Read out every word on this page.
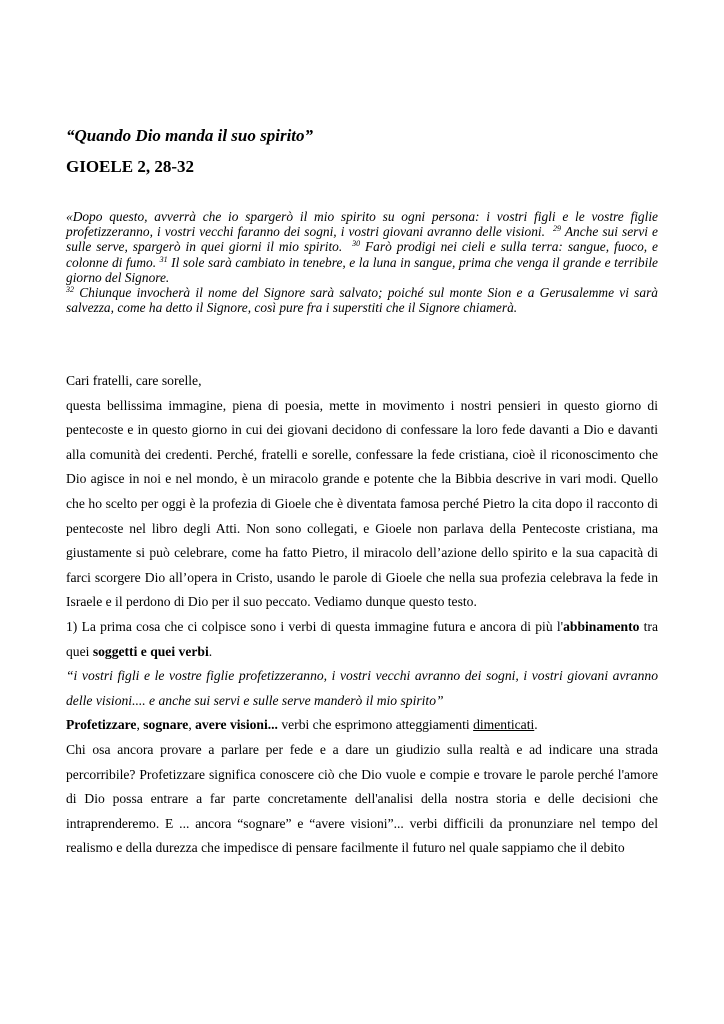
“Quando Dio manda il suo spirito”
GIOELE 2, 28-32

«Dopo questo, avverrà che io spargerò il mio spirito su ogni persona: i vostri figli e le vostre figlie profetizzeranno, i vostri vecchi faranno dei sogni, i vostri giovani avranno delle visioni. $^{29}$ Anche sui servi e sulle serve, spargerò in quei giorni il mio spirito. $^{30}$ Farò prodigi nei cieli e sulla terra: sangue, fuoco, e colonne di fumo. $^{31}$ Il sole sarà cambiato in tenebre, e la luna in sangue, prima che venga il grande e terribile giorno del Signore.

$^{32}$ Chiunque invocherà il nome del Signore sarà salvato; poiché sul monte Sion e a Gerusalemme vi sarà salvezza, come ha detto il Signore, così pure fra i superstiti che il Signore chiamerà.

Cari fratelli, care sorelle,

questa bellissima immagine, piena di poesia, mette in movimento i nostri pensieri in questo giorno di pentecoste e in questo giorno in cui dei giovani decidono di confessare la loro fede davanti a Dio e davanti alla comunità dei credenti. Perché, fratelli e sorelle, confessare la fede cristiana, cioè il riconoscimento che Dio agisce in noi e nel mondo, è un miracolo grande e potente che la Bibbia descrive in vari modi. Quello che ho scelto per oggi è la profezia di Gioele che è diventata famosa perché Pietro la cita dopo il racconto di pentecoste nel libro degli Atti. Non sono collegati, e Gioele non parlava della Pentecoste cristiana, ma giustamente si può celebrare, come ha fatto Pietro, il miracolo dell’azione dello spirito e la sua capacità di farci scorgere Dio all’opera in Cristo, usando le parole di Gioele che nella sua profezia celebrava la fede in Israele e il perdono di Dio per il suo peccato. Vediamo dunque questo testo.

1) La prima cosa che ci colpisce sono i verbi di questa immagine futura e ancora di più l'abbinamento tra quei soggetti e quei verbi.

“i vostri figli e le vostre figlie profetizzeranno, i vostri vecchi avranno dei sogni, i vostri giovani avranno delle visioni.... e anche sui servi e sulle serve manderò il mio spirito”

Profetizzare, sognare, avere visioni... verbi che esprimono atteggiamenti dimenticati.

Chi osa ancora provare a parlare per fede e a dare un giudizio sulla realtà e ad indicare una strada percorribile? Profetizzare significa conoscere ciò che Dio vuole e compie e trovare le parole perché l'amore di Dio possa entrare a far parte concretamente dell'analisi della nostra storia e delle decisioni che intraprenderemo. E ... ancora “sognare” e “avere visioni”... verbi difficili da pronunziare nel tempo del realismo e della durezza che impedisce di pensare facilmente il futuro nel quale sappiamo che il debito
